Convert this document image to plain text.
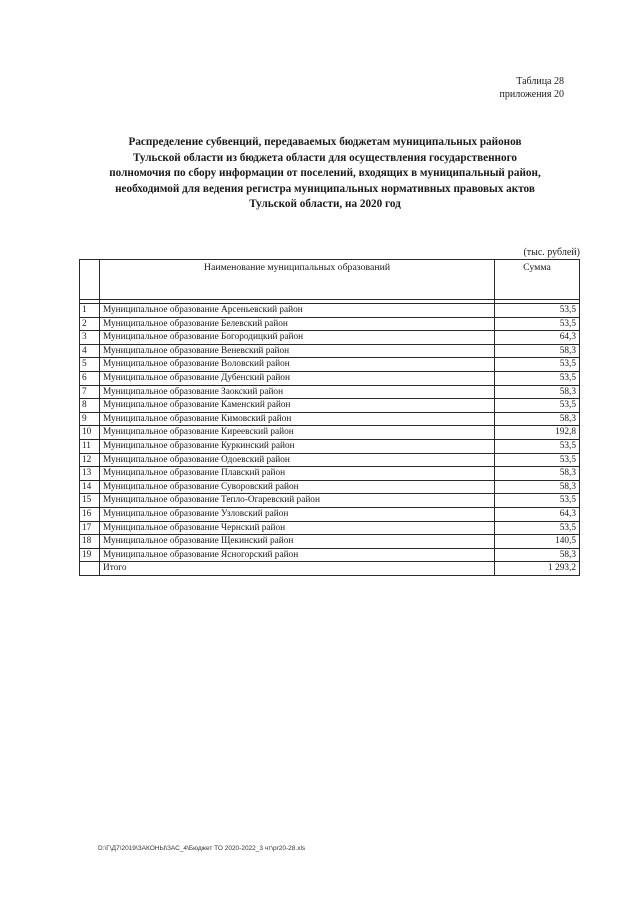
Таблица 28
приложения 20
Распределение субвенций, передаваемых бюджетам муниципальных районов
Тульской области из бюджета области для осуществления государственного
полномочия по сбору информации от поселений, входящих в муниципальный район,
необходимой для ведения регистра муниципальных нормативных правовых актов
Тульской области, на 2020 год
(тыс. рублей)
	Наименование муниципальных образований	Сумма

1	Муниципальное образование Арсеньевский район	53,5
2	Муниципальное образование Белевский район	53,5
3	Муниципальное образование Богородицкий район	64,3
4	Муниципальное образование Веневский район	58,3
5	Муниципальное образование Воловский район	53,5
6	Муниципальное образование Дубенский район	53,5
7	Муниципальное образование Заокский район	58,3
8	Муниципальное образование Каменский район	53,5
9	Муниципальное образование Кимовский район	58,3
10	Муниципальное образование Киреевский район	192,8
11	Муниципальное образование Куркинский район	53,5
12	Муниципальное образование Одоевский район	53,5
13	Муниципальное образование Плавский район	58,3
14	Муниципальное образование Суворовский район	58,3
15	Муниципальное образование Тепло-Огаревский район	53,5
16	Муниципальное образование Узловский район	64,3
17	Муниципальное образование Чернский район	53,5
18	Муниципальное образование Щекинский район	140,5
19	Муниципальное образование Ясногорский район	58,3
	Итого	1 293,2
D:\Г\Д7\2019\ЗАКОНЫ\ЗАС_4\Бюджет ТО 2020-2022_3 чт\pr20-28.xls
